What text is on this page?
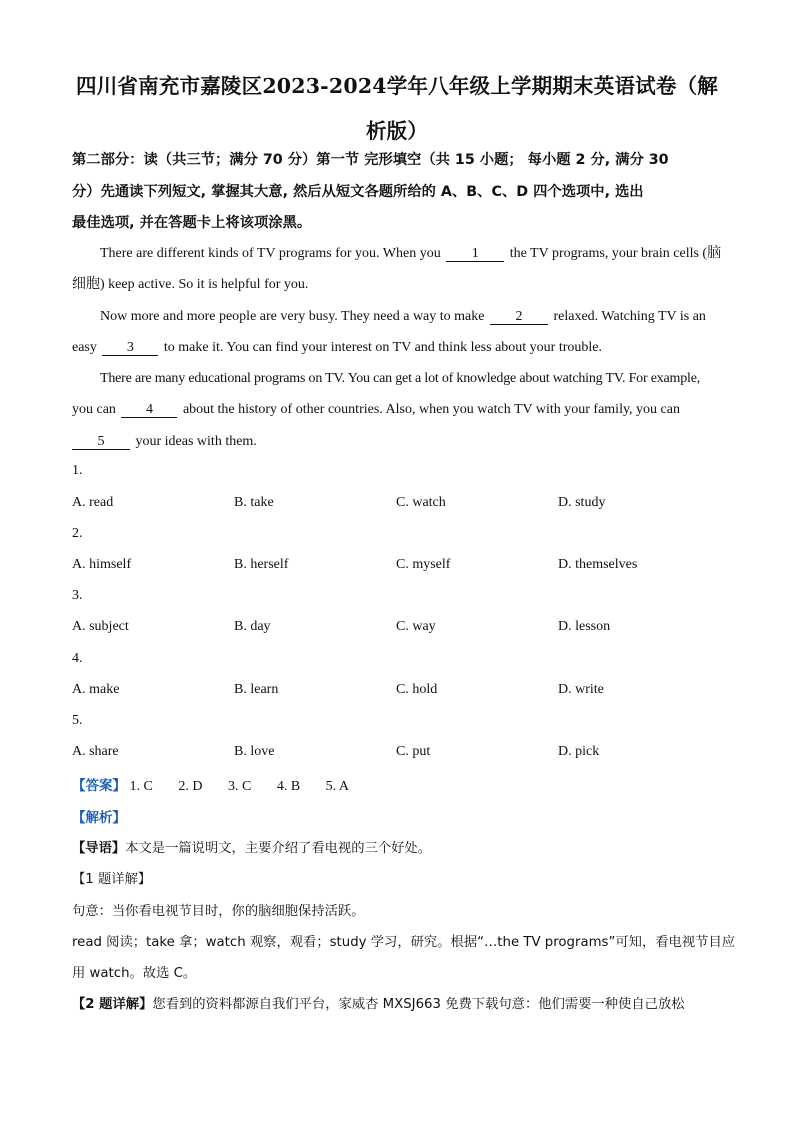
四川省南充市嘉陵区2023-2024学年八年级上学期期末英语试卷（解
析版）
第二部分：读（共三节；满分 70 分）第一节 完形填空（共 15 小题； 每小题 2 分, 满分 30
分）先通读下列短文, 掌握其大意, 然后从短文各题所给的 A、B、C、D 四个选项中, 选出
最佳选项, 并在答题卡上将该项涂黑。

There are different kinds of TV programs for you. When you 1 the TV programs, your brain cells (脑
细胞) keep active. So it is helpful for you.

Now more and more people are very busy. They need a way to make 2 relaxed. Watching TV is an
easy 3 to make it. You can find your interest on TV and think less about your trouble.

There are many educational programs on TV. You can get a lot of knowledge about watching TV. For example,
you can 4 about the history of other countries. Also, when you watch TV with your family, you can
5 your ideas with them.

1.
A. read	B. take	C. watch	D. study
2.
A. himself	B. herself	C. myself	D. themselves
3.
A. subject	B. day	C. way	D. lesson
4.
A. make	B. learn	C. hold	D. write
5.
A. share	B. love	C. put	D. pick
【答案】 1. C 2. D 3. C 4. B 5. A
【解析】
【导语】本文是一篇说明文，主要介绍了看电视的三个好处。
【1 题详解】
句意：当你看电视节目时，你的脑细胞保持活跃。
read 阅读；take 拿；watch 观察，观看；study 学习，研究。根据“…the TV programs”可知，看电视节目应
用 watch。故选 C。
【2 题详解】您看到的资料都源自我们平台，家威杏 MXSJ663 免费下载句意：他们需要一种使自己放松
